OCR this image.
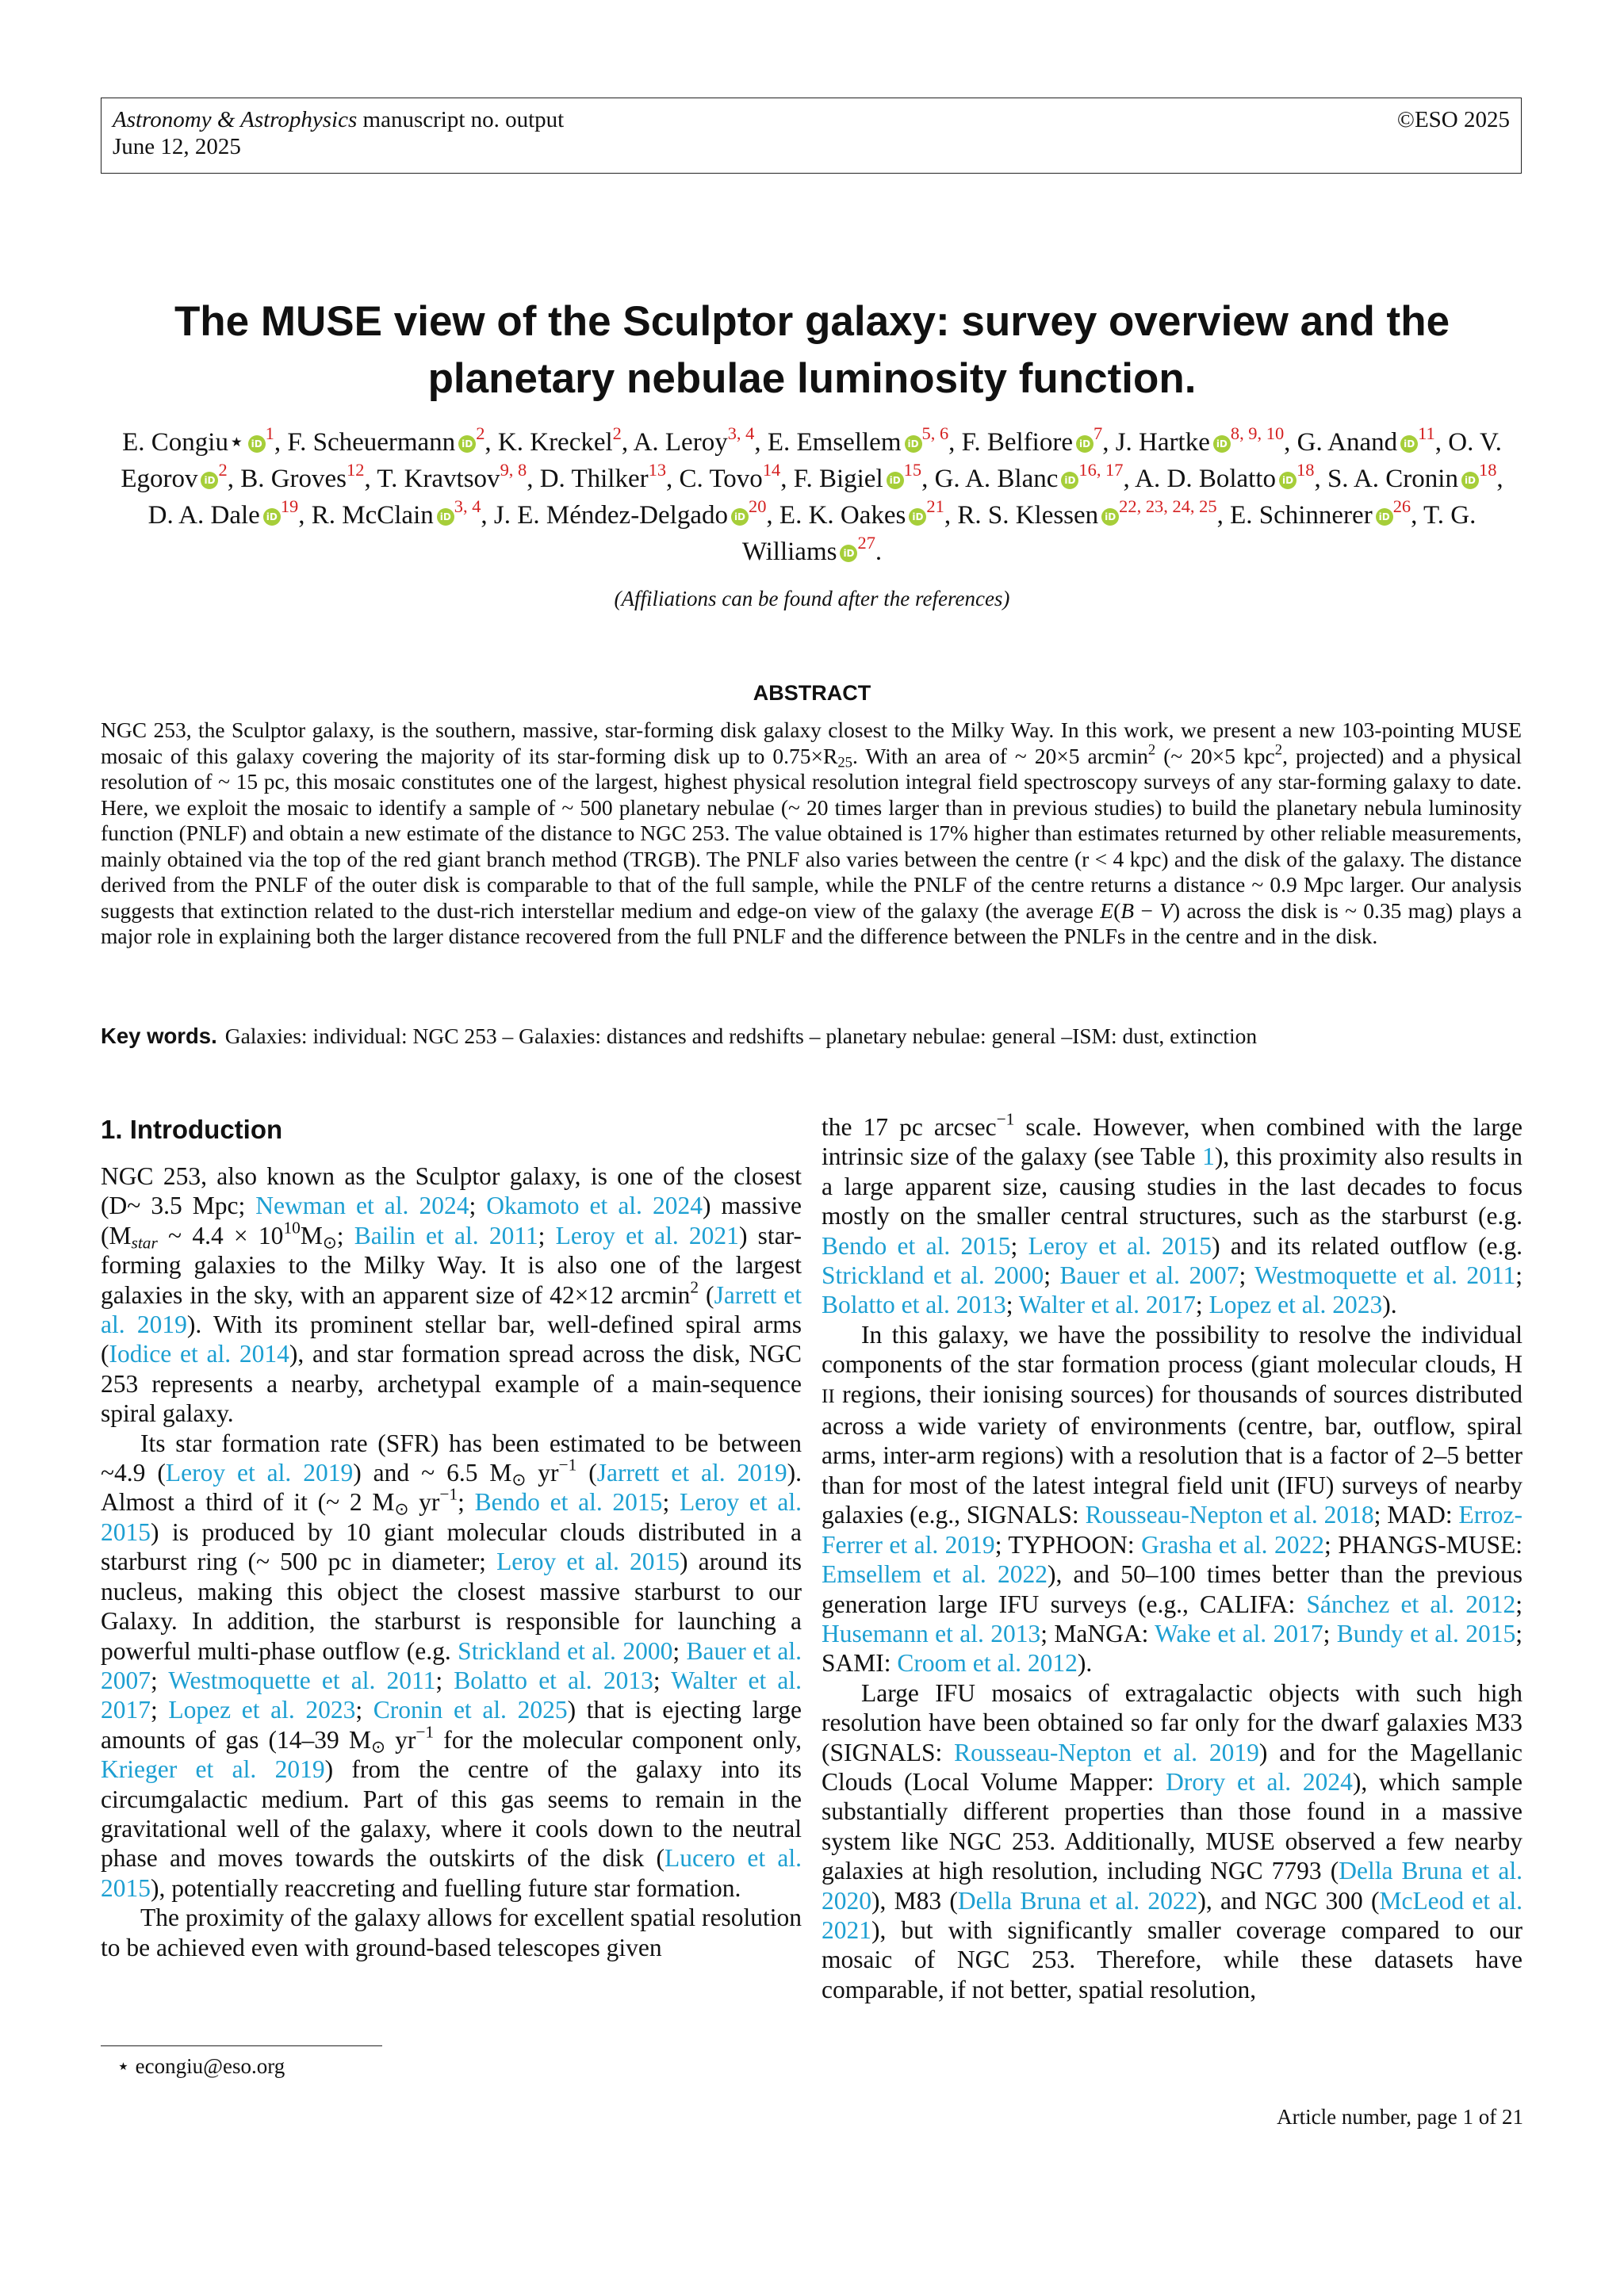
Astronomy & Astrophysics manuscript no. output
June 12, 2025
©ESO 2025
The MUSE view of the Sculptor galaxy: survey overview and the planetary nebulae luminosity function.
E. Congiu⋆iD $^1$, F. ScheuermanniD $^2$, K. Kreckel$^2$, A. Leroy$^{3, 4}$, E. EmsellemiD $^{5, 6}$, F. BelfioreiD $^7$, J. HartkeiD $^{8, 9, 10}$, G. AnandiD $^{11}$, O. V. EgoroviD $^2$, B. Groves$^{12}$, T. Kravtsov$^{9, 8}$, D. Thilker$^{13}$, C. Tovo$^{14}$, F. BigieliD $^{15}$, G. A. BlanciD $^{16, 17}$, A. D. BolattoiD $^{18}$, S. A. CroniniD $^{18}$, D. A. DaleiD $^{19}$, R. McClainiD $^{3, 4}$, J. E. Méndez-DelgadoiD $^{20}$, E. K. OakesiD $^{21}$, R. S. KlesseniD $^{22, 23, 24, 25}$, E. SchinnereriD $^{26}$, T. G. WilliamsiD $^{27}$.
(Affiliations can be found after the references)
ABSTRACT

NGC 253, the Sculptor galaxy, is the southern, massive, star-forming disk galaxy closest to the Milky Way. In this work, we present a new 103-pointing MUSE mosaic of this galaxy covering the majority of its star-forming disk up to $0.75\times R_{25}$. With an area of ~ 20×5 arcmin$^2$ (~ 20×5 kpc$^2$, projected) and a physical resolution of ~ 15 pc, this mosaic constitutes one of the largest, highest physical resolution integral field spectroscopy surveys of any star-forming galaxy to date. Here, we exploit the mosaic to identify a sample of ~ 500 planetary nebulae (~ 20 times larger than in previous studies) to build the planetary nebula luminosity function (PNLF) and obtain a new estimate of the distance to NGC 253. The value obtained is 17% higher than estimates returned by other reliable measurements, mainly obtained via the top of the red giant branch method (TRGB). The PNLF also varies between the centre (r < 4 kpc) and the disk of the galaxy. The distance derived from the PNLF of the outer disk is comparable to that of the full sample, while the PNLF of the centre returns a distance ~ 0.9 Mpc larger. Our analysis suggests that extinction related to the dust-rich interstellar medium and edge-on view of the galaxy (the average E(B − V) across the disk is ~ 0.35 mag) plays a major role in explaining both the larger distance recovered from the full PNLF and the difference between the PNLFs in the centre and in the disk.

Key words. Galaxies: individual: NGC 253 – Galaxies: distances and redshifts – planetary nebulae: general –ISM: dust, extinction
1. Introduction

NGC 253, also known as the Sculptor galaxy, is one of the closest (D~ 3.5 Mpc; Newman et al. 2024; Okamoto et al. 2024) massive ($M_{star}$ ~ $4.4 \times 10^{10}M_⊙$; Bailin et al. 2011; Leroy et al. 2021) star-forming galaxies to the Milky Way. It is also one of the largest galaxies in the sky, with an apparent size of 42×12 arcmin$^2$ (Jarrett et al. 2019). With its prominent stellar bar, well-defined spiral arms (Iodice et al. 2014), and star formation spread across the disk, NGC 253 represents a nearby, archetypal example of a main-sequence spiral galaxy.

Its star formation rate (SFR) has been estimated to be between ~4.9 (Leroy et al. 2019) and ~ 6.5 $M_⊙$ $yr^{-1}$ (Jarrett et al. 2019). Almost a third of it (~ 2 $M_⊙$ $yr^{-1}$; Bendo et al. 2015; Leroy et al. 2015) is produced by 10 giant molecular clouds distributed in a starburst ring (~ 500 pc in diameter; Leroy et al. 2015) around its nucleus, making this object the closest massive starburst to our Galaxy. In addition, the starburst is responsible for launching a powerful multi-phase outflow (e.g. Strickland et al. 2000; Bauer et al. 2007; Westmoquette et al. 2011; Bolatto et al. 2013; Walter et al. 2017; Lopez et al. 2023; Cronin et al. 2025) that is ejecting large amounts of gas (14–39 $M_⊙$ $yr^{-1}$ for the molecular component only, Krieger et al. 2019) from the centre of the galaxy into its circumgalactic medium. Part of this gas seems to remain in the gravitational well of the galaxy, where it cools down to the neutral phase and moves towards the outskirts of the disk (Lucero et al. 2015), potentially reaccreting and fuelling future star formation.

The proximity of the galaxy allows for excellent spatial resolution to be achieved even with ground-based telescopes given

the 17 pc arcsec$^{-1}$ scale. However, when combined with the large intrinsic size of the galaxy (see Table 1), this proximity also results in a large apparent size, causing studies in the last decades to focus mostly on the smaller central structures, such as the starburst (e.g. Bendo et al. 2015; Leroy et al. 2015) and its related outflow (e.g. Strickland et al. 2000; Bauer et al. 2007; Westmoquette et al. 2011; Bolatto et al. 2013; Walter et al. 2017; Lopez et al. 2023).

In this galaxy, we have the possibility to resolve the individual components of the star formation process (giant molecular clouds, H II regions, their ionising sources) for thousands of sources distributed across a wide variety of environments (centre, bar, outflow, spiral arms, inter-arm regions) with a resolution that is a factor of 2–5 better than for most of the latest integral field unit (IFU) surveys of nearby galaxies (e.g., SIGNALS: Rousseau-Nepton et al. 2018; MAD: Erroz-Ferrer et al. 2019; TYPHOON: Grasha et al. 2022; PHANGS-MUSE: Emsellem et al. 2022), and 50–100 times better than the previous generation large IFU surveys (e.g., CALIFA: Sánchez et al. 2012; Husemann et al. 2013; MaNGA: Wake et al. 2017; Bundy et al. 2015; SAMI: Croom et al. 2012).

Large IFU mosaics of extragalactic objects with such high resolution have been obtained so far only for the dwarf galaxies M33 (SIGNALS: Rousseau-Nepton et al. 2019) and for the Magellanic Clouds (Local Volume Mapper: Drory et al. 2024), which sample substantially different properties than those found in a massive system like NGC 253. Additionally, MUSE observed a few nearby galaxies at high resolution, including NGC 7793 (Della Bruna et al. 2020), M83 (Della Bruna et al. 2022), and NGC 300 (McLeod et al. 2021), but with significantly smaller coverage compared to our mosaic of NGC 253. Therefore, while these datasets have comparable, if not better, spatial resolution,

⋆ econgiu@eso.org
Article number, page 1 of 21
